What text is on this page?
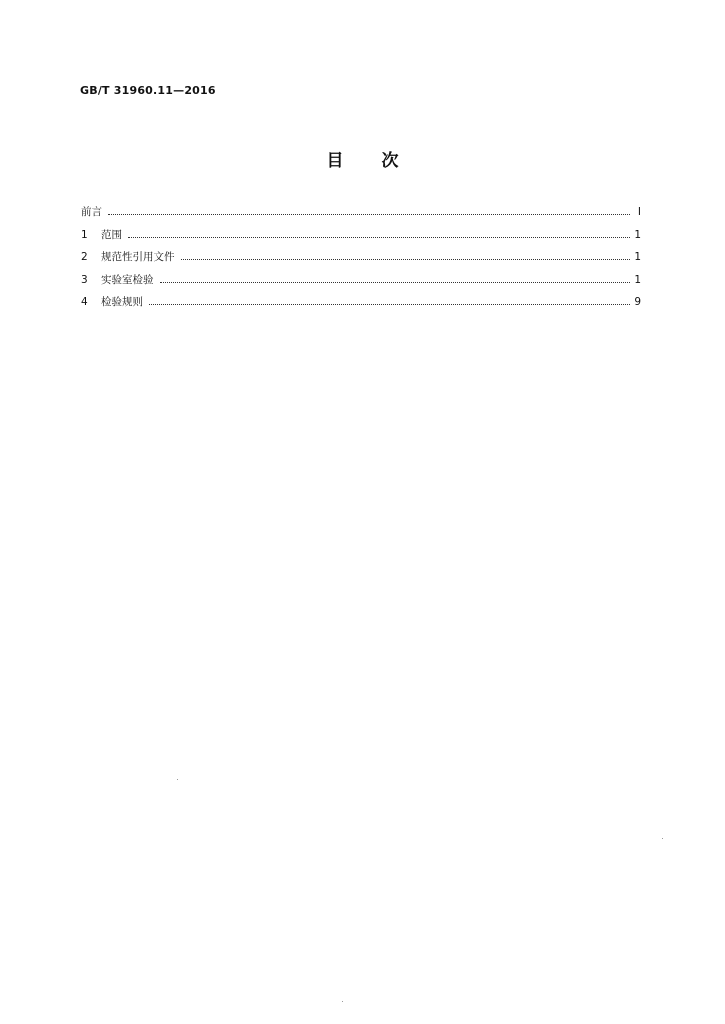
GB/T 31960.11—2016
目 次
前言	Ⅰ
1	范围	1
2	规范性引用文件	1
3	实验室检验	1
4	检验规则	9
